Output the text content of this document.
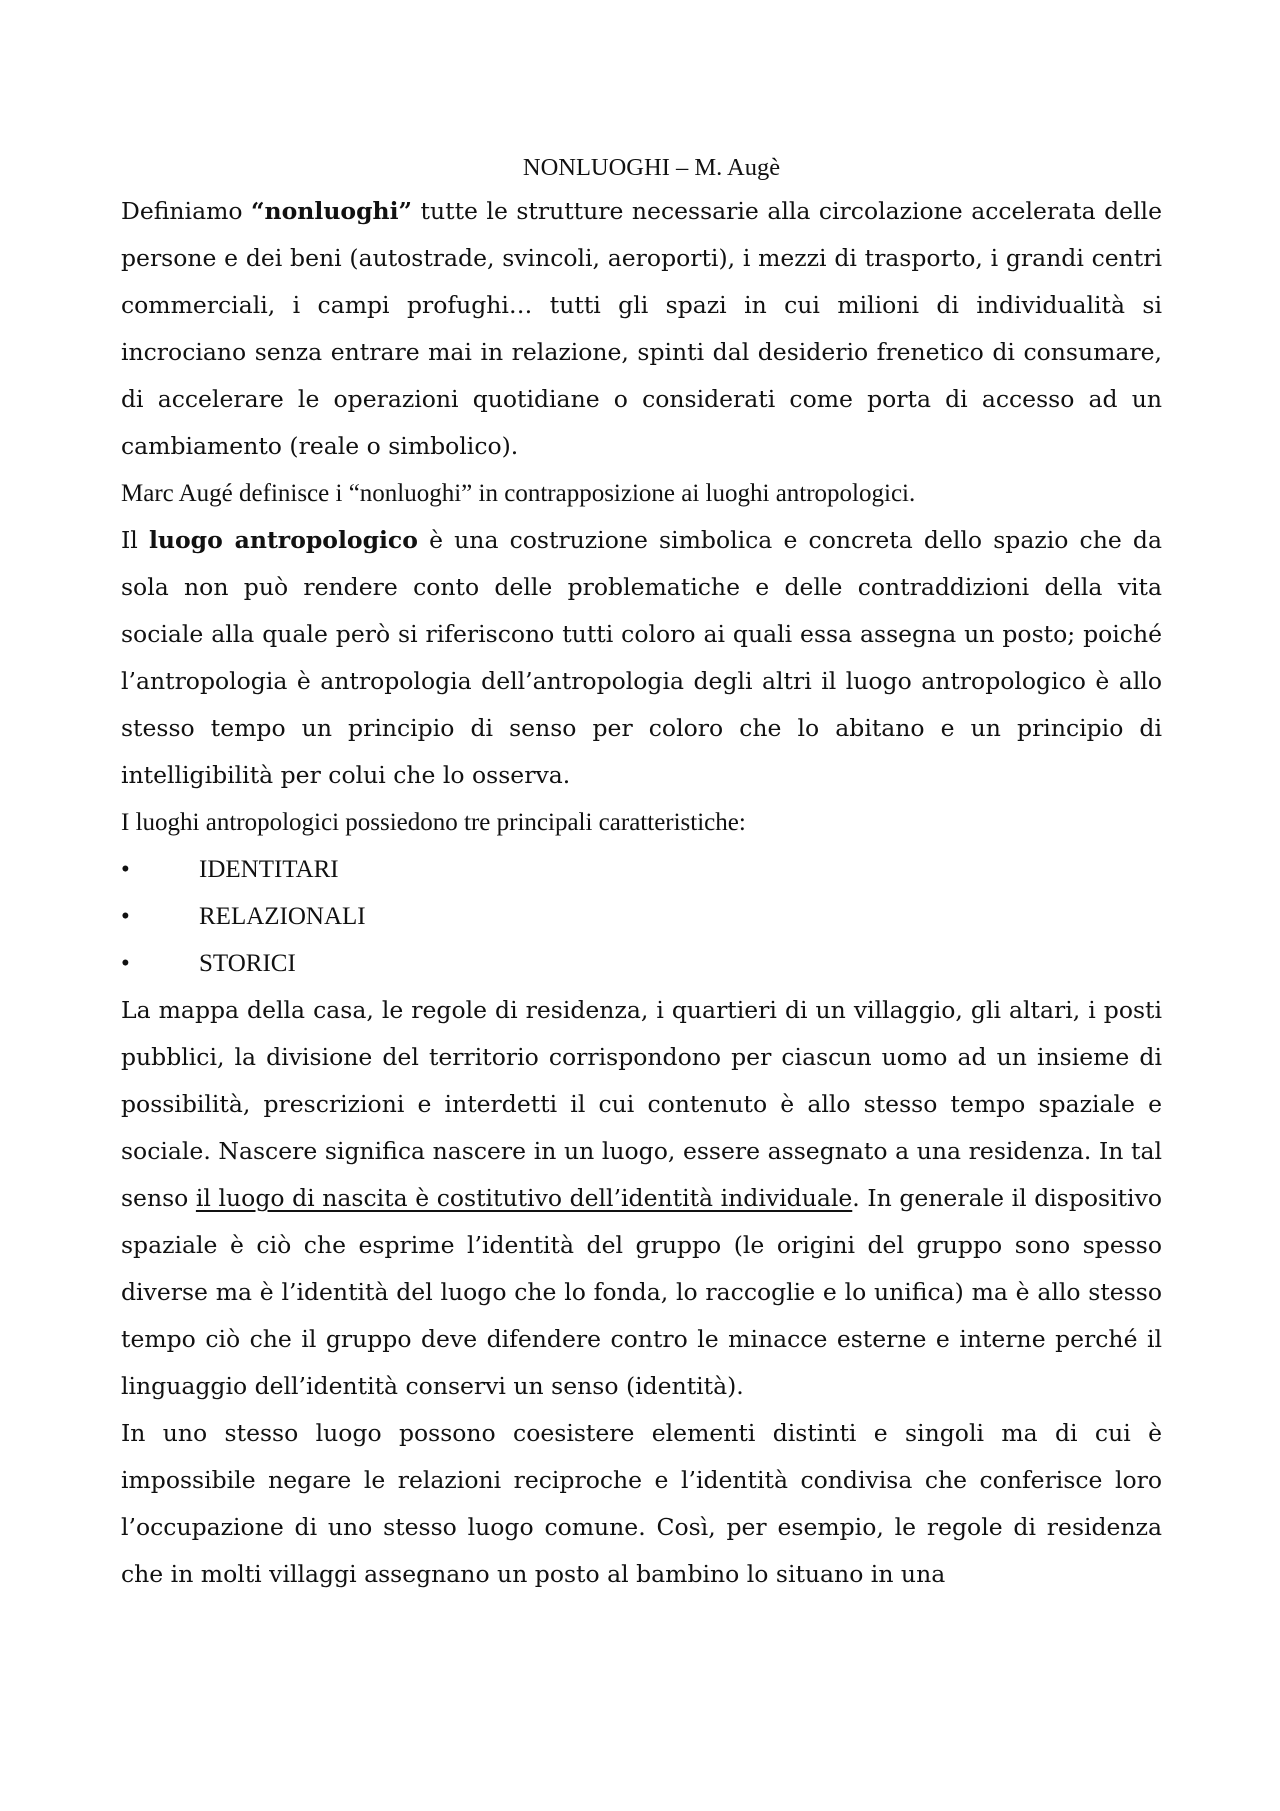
NONLUOGHI – M. Augè

Definiamo “nonluoghi” tutte le strutture necessarie alla circolazione accelerata delle persone e dei beni (autostrade, svincoli, aeroporti), i mezzi di trasporto, i grandi centri commerciali, i campi profughi… tutti gli spazi in cui milioni di individualità si incrociano senza entrare mai in relazione, spinti dal desiderio frenetico di consumare, di accelerare le operazioni quotidiane o considerati come porta di accesso ad un cambiamento (reale o simbolico).

Marc Augé definisce i “nonluoghi” in contrapposizione ai luoghi antropologici.

Il luogo antropologico è una costruzione simbolica e concreta dello spazio che da sola non può rendere conto delle problematiche e delle contraddizioni della vita sociale alla quale però si riferiscono tutti coloro ai quali essa assegna un posto; poiché l’antropologia è antropologia dell’antropologia degli altri il luogo antropologico è allo stesso tempo un principio di senso per coloro che lo abitano e un principio di intelligibilità per colui che lo osserva.

I luoghi antropologici possiedono tre principali caratteristiche:

•	IDENTITARI
•	RELAZIONALI
•	STORICI

La mappa della casa, le regole di residenza, i quartieri di un villaggio, gli altari, i posti pubblici, la divisione del territorio corrispondono per ciascun uomo ad un insieme di possibilità, prescrizioni e interdetti il cui contenuto è allo stesso tempo spaziale e sociale. Nascere significa nascere in un luogo, essere assegnato a una residenza. In tal senso il luogo di nascita è costitutivo dell’identità individuale. In generale il dispositivo spaziale è ciò che esprime l’identità del gruppo (le origini del gruppo sono spesso diverse ma è l’identità del luogo che lo fonda, lo raccoglie e lo unifica) ma è allo stesso tempo ciò che il gruppo deve difendere contro le minacce esterne e interne perché il linguaggio dell’identità conservi un senso (identità).

In uno stesso luogo possono coesistere elementi distinti e singoli ma di cui è impossibile negare le relazioni reciproche e l’identità condivisa che conferisce loro l’occupazione di uno stesso luogo comune. Così, per esempio, le regole di residenza che in molti villaggi assegnano un posto al bambino lo situano in una
